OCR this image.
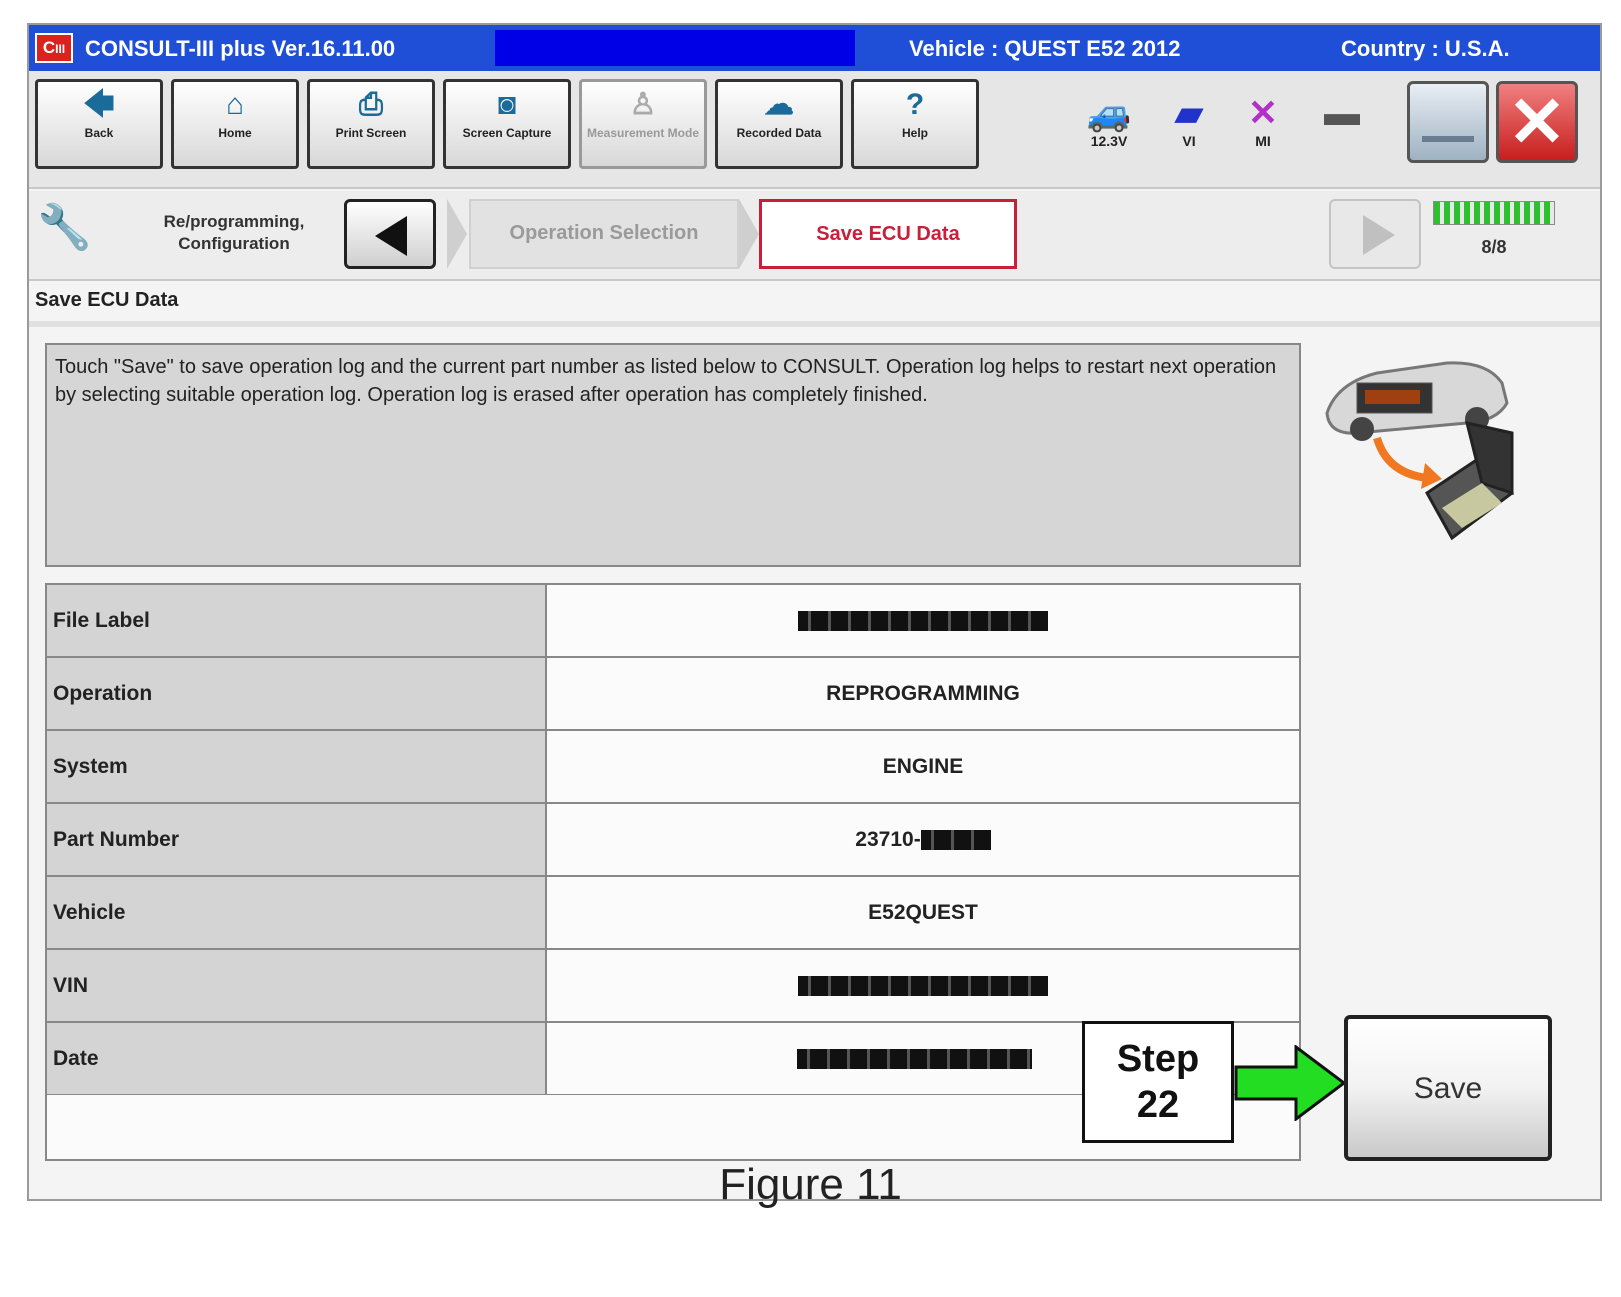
CIII CONSULT-III plus Ver.16.11.00	Vehicle : QUEST E52 2012	Country : U.S.A.
🡄
Back
⌂
Home
⎙
Print Screen
◙
Screen Capture
♙
Measurement Mode
☁
Recorded Data
?
Help	🚙
12.3V
▰
VI
✕
MI
▬ ✕
🔧	Re/programming, Configuration	Operation Selection	Save ECU Data
8/8
Save ECU Data
Touch "Save" to save operation log and the current part number as listed below to CONSULT. Operation log helps to restart next operation by selecting suitable operation log. Operation log is erased after operation has completely finished.
File Label	
Operation	REPROGRAMMING
System	ENGINE
Part Number	23710-
Vehicle	E52QUEST
VIN	
Date		Step
22	Save
Figure 11
